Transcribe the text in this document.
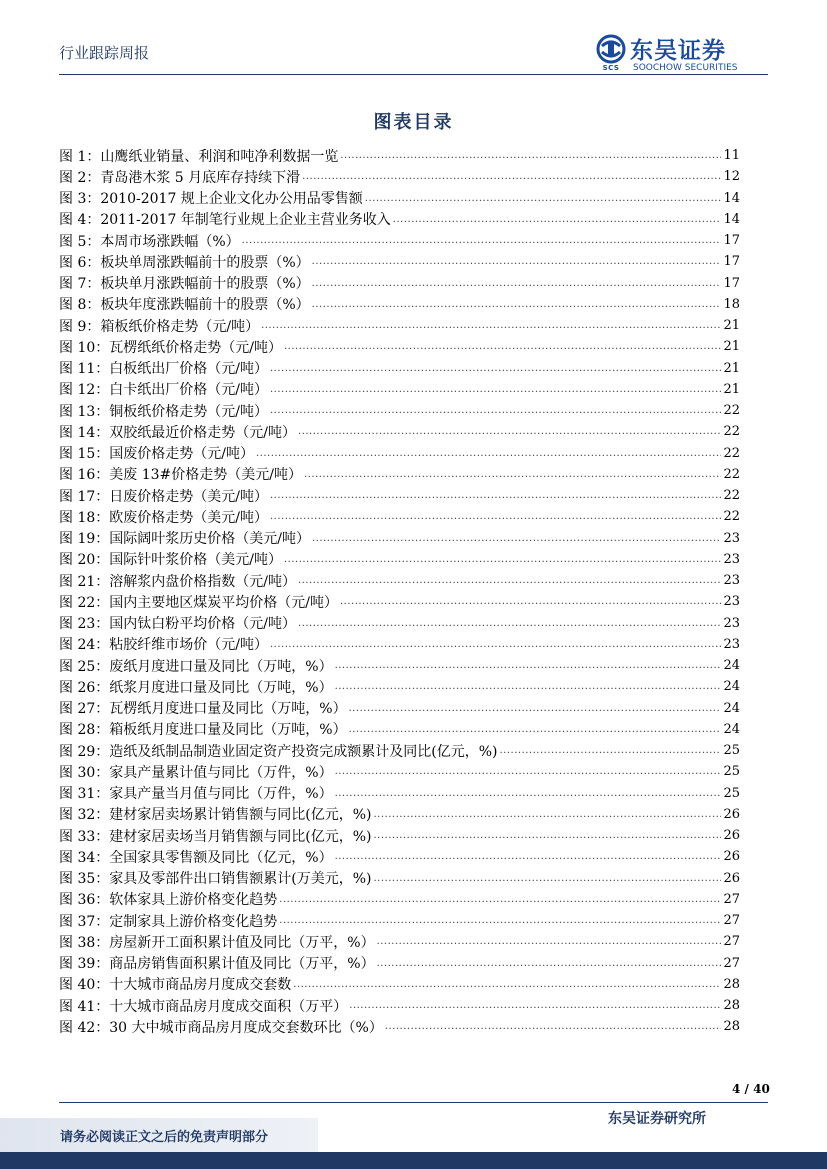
行业跟踪周报
SCS
东吴证券
SOOCHOW SECURITIES
图表目录
图 1：山鹰纸业销量、利润和吨净利数据一览 .....	11
图 2：青岛港木浆 5 月底库存持续下滑 .....	12
图 3：2010-2017 规上企业文化办公用品零售额 .....	14
图 4：2011-2017 年制笔行业规上企业主营业务收入 .....	14
图 5：本周市场涨跌幅（%） .....	17
图 6：板块单周涨跌幅前十的股票（%） .....	17
图 7：板块单月涨跌幅前十的股票（%） .....	17
图 8：板块年度涨跌幅前十的股票（%） .....	18
图 9：箱板纸价格走势（元/吨） .....	21
图 10：瓦楞纸纸价格走势（元/吨） .....	21
图 11：白板纸出厂价格（元/吨） .....	21
图 12：白卡纸出厂价格（元/吨） .....	21
图 13：铜板纸价格走势（元/吨） .....	22
图 14：双胶纸最近价格走势（元/吨） .....	22
图 15：国废价格走势（元/吨） .....	22
图 16：美废 13#价格走势（美元/吨） .....	22
图 17：日废价格走势（美元/吨） .....	22
图 18：欧废价格走势（美元/吨） .....	22
图 19：国际阔叶浆历史价格（美元/吨） .....	23
图 20：国际针叶浆价格（美元/吨） .....	23
图 21：溶解浆内盘价格指数（元/吨） .....	23
图 22：国内主要地区煤炭平均价格（元/吨） .....	23
图 23：国内钛白粉平均价格（元/吨） .....	23
图 24：粘胶纤维市场价（元/吨） .....	23
图 25：废纸月度进口量及同比（万吨，%） .....	24
图 26：纸浆月度进口量及同比（万吨，%） .....	24
图 27：瓦楞纸月度进口量及同比（万吨，%） .....	24
图 28：箱板纸月度进口量及同比（万吨，%） .....	24
图 29：造纸及纸制品制造业固定资产投资完成额累计及同比(亿元，%) .....	25
图 30：家具产量累计值与同比（万件，%） .....	25
图 31：家具产量当月值与同比（万件，%） .....	25
图 32：建材家居卖场累计销售额与同比(亿元，%) .....	26
图 33：建材家居卖场当月销售额与同比(亿元，%) .....	26
图 34：全国家具零售额及同比（亿元，%） .....	26
图 35：家具及零部件出口销售额累计(万美元，%) .....	26
图 36：软体家具上游价格变化趋势 .....	27
图 37：定制家具上游价格变化趋势 .....	27
图 38：房屋新开工面积累计值及同比（万平，%） .....	27
图 39：商品房销售面积累计值及同比（万平，%） .....	27
图 40：十大城市商品房月度成交套数 .....	28
图 41：十大城市商品房月度成交面积（万平） .....	28
图 42：30 大中城市商品房月度成交套数环比（%） .....	28
4 / 40
东吴证券研究所
请务必阅读正文之后的免责声明部分
